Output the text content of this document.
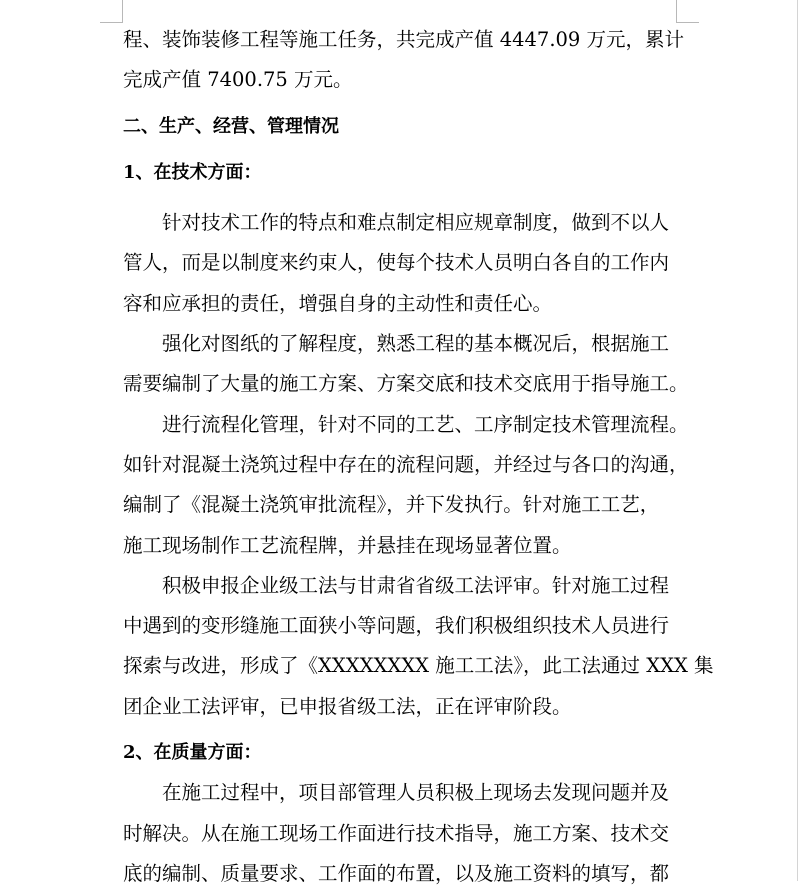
程、装饰装修工程等施工任务，共完成产值 4447.09 万元，累计
完成产值 7400.75 万元。
二、生产、经营、管理情况
1、在技术方面：
针对技术工作的特点和难点制定相应规章制度，做到不以人
管人，而是以制度来约束人，使每个技术人员明白各自的工作内
容和应承担的责任，增强自身的主动性和责任心。
强化对图纸的了解程度，熟悉工程的基本概况后，根据施工
需要编制了大量的施工方案、方案交底和技术交底用于指导施工。
进行流程化管理，针对不同的工艺、工序制定技术管理流程。
如针对混凝土浇筑过程中存在的流程问题，并经过与各口的沟通，
编制了《混凝土浇筑审批流程》，并下发执行。针对施工工艺，
施工现场制作工艺流程牌，并悬挂在现场显著位置。
积极申报企业级工法与甘肃省省级工法评审。针对施工过程
中遇到的变形缝施工面狭小等问题，我们积极组织技术人员进行
探索与改进，形成了《XXXXXXXX 施工工法》，此工法通过 XXX 集
团企业工法评审，已申报省级工法，正在评审阶段。
2、在质量方面：
在施工过程中，项目部管理人员积极上现场去发现问题并及
时解决。从在施工现场工作面进行技术指导，施工方案、技术交
底的编制、质量要求、工作面的布置，以及施工资料的填写，都
